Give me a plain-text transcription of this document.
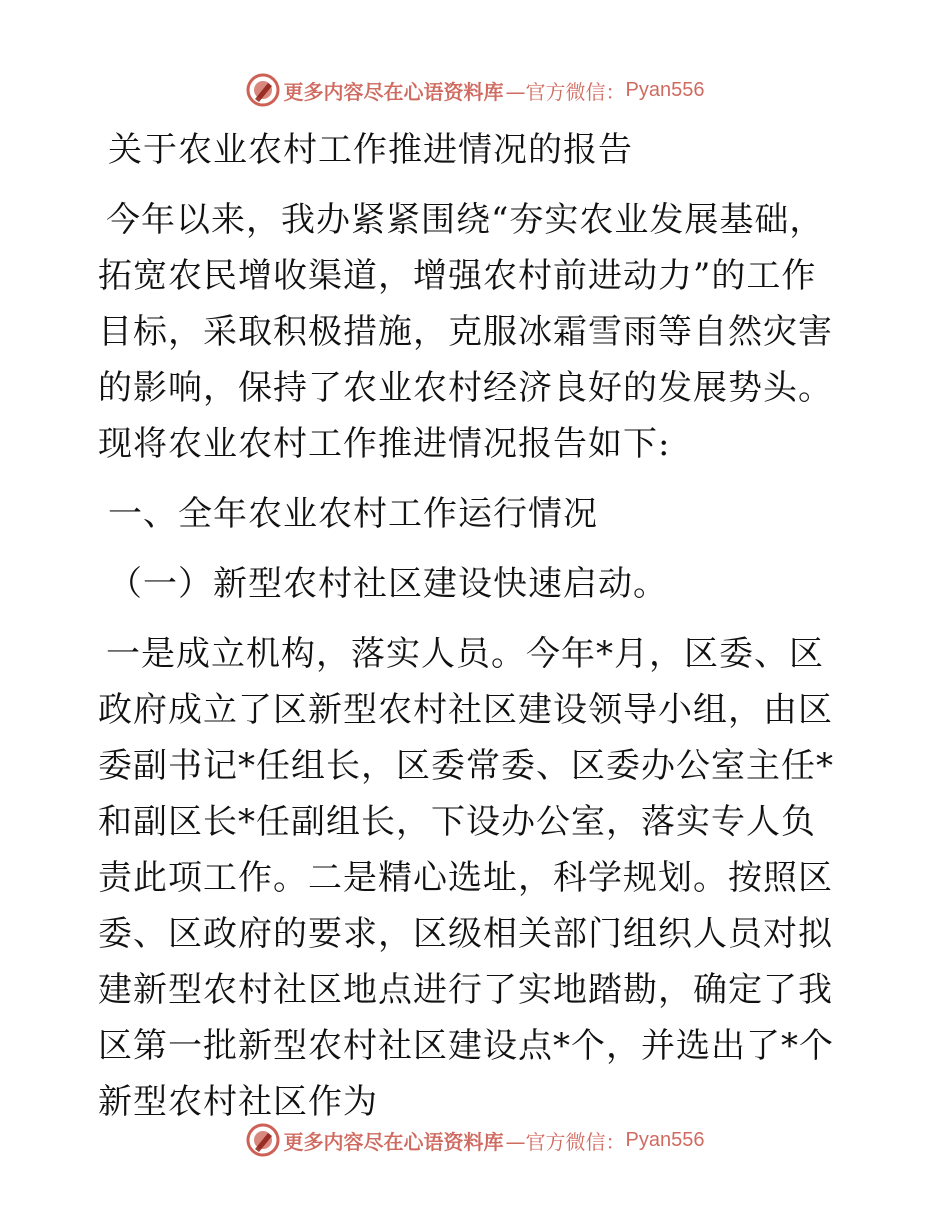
更多内容尽在心语资料库 —官方微信： Pyan556

关于农业农村工作推进情况的报告

今年以来，我办紧紧围绕“夯实农业发展基础，拓宽农民增收渠道，增强农村前进动力”的工作目标，采取积极措施，克服冰霜雪雨等自然灾害的影响，保持了农业农村经济良好的发展势头。现将农业农村工作推进情况报告如下:

一、全年农业农村工作运行情况

（一）新型农村社区建设快速启动。

一是成立机构，落实人员。今年*月，区委、区政府成立了区新型农村社区建设领导小组，由区委副书记*任组长，区委常委、区委办公室主任*和副区长*任副组长，下设办公室，落实专人负责此项工作。二是精心选址，科学规划。按照区委、区政府的要求，区级相关部门组织人员对拟建新型农村社区地点进行了实地踏勘，确定了我区第一批新型农村社区建设点*个，并选出了*个新型农村社区作为

更多内容尽在心语资料库 —官方微信： Pyan556
